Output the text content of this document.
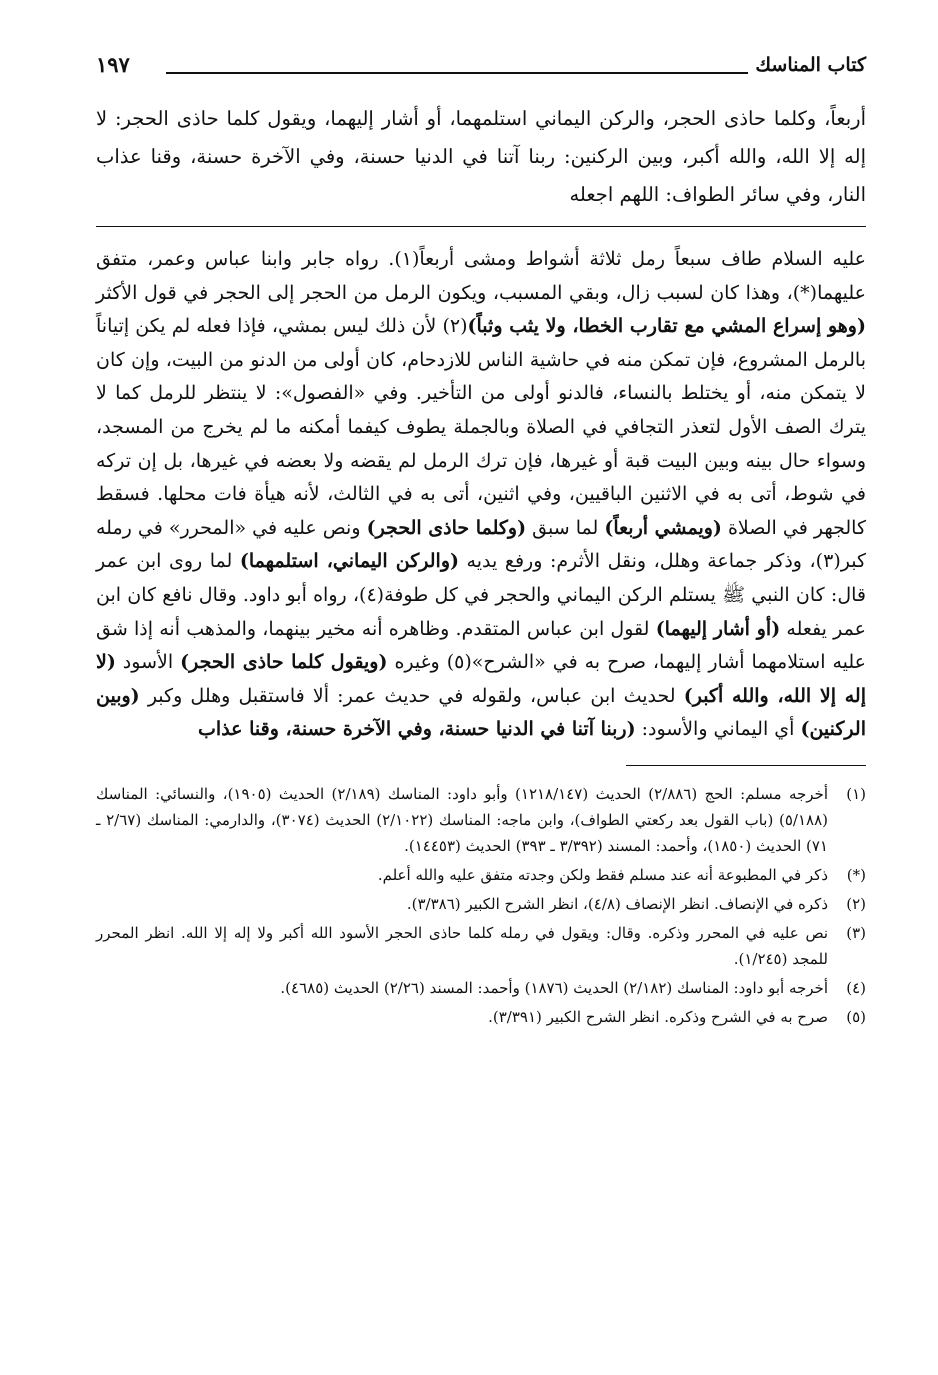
كتاب المناسك
١٩٧
أربعاً، وكلما حاذى الحجر، والركن اليماني استلمهما، أو أشار إليهما، ويقول كلما حاذى الحجر: لا إله إلا الله، والله أكبر، وبين الركنين: ربنا آتنا في الدنيا حسنة، وفي الآخرة حسنة، وقنا عذاب النار، وفي سائر الطواف: اللهم اجعله

عليه السلام طاف سبعاً رمل ثلاثة أشواط ومشى أربعاً(١). رواه جابر وابنا عباس وعمر، متفق عليهما(*)، وهذا كان لسبب زال، وبقي المسبب، ويكون الرمل من الحجر إلى الحجر في قول الأكثر (وهو إسراع المشي مع تقارب الخطا، ولا يثب وثباً)(٢) لأن ذلك ليس بمشي، فإذا فعله لم يكن إتياناً بالرمل المشروع، فإن تمكن منه في حاشية الناس للازدحام، كان أولى من الدنو من البيت، وإن كان لا يتمكن منه، أو يختلط بالنساء، فالدنو أولى من التأخير. وفي «الفصول»: لا ينتظر للرمل كما لا يترك الصف الأول لتعذر التجافي في الصلاة وبالجملة يطوف كيفما أمكنه ما لم يخرج من المسجد، وسواء حال بينه وبين البيت قبة أو غيرها، فإن ترك الرمل لم يقضه ولا بعضه في غيرها، بل إن تركه في شوط، أتى به في الاثنين الباقيين، وفي اثنين، أتى به في الثالث، لأنه هيأة فات محلها. فسقط كالجهر في الصلاة (ويمشي أربعاً) لما سبق (وكلما حاذى الحجر) ونص عليه في «المحرر» في رمله كبر(٣)، وذكر جماعة وهلل، ونقل الأثرم: ورفع يديه (والركن اليماني، استلمهما) لما روى ابن عمر قال: كان النبي ﷺ يستلم الركن اليماني والحجر في كل طوفة(٤)، رواه أبو داود. وقال نافع كان ابن عمر يفعله (أو أشار إليهما) لقول ابن عباس المتقدم. وظاهره أنه مخير بينهما، والمذهب أنه إذا شق عليه استلامهما أشار إليهما، صرح به في «الشرح»(٥) وغيره (ويقول كلما حاذى الحجر) الأسود (لا إله إلا الله، والله أكبر) لحديث ابن عباس، ولقوله في حديث عمر: ألا فاستقبل وهلل وكبر (وبين الركنين) أي اليماني والأسود: (ربنا آتنا في الدنيا حسنة، وفي الآخرة حسنة، وقنا عذاب

(١)
أخرجه مسلم: الحج (٢/٨٨٦) الحديث (١٢١٨/١٤٧) وأبو داود: المناسك (٢/١٨٩) الحديث (١٩٠٥)، والنسائي: المناسك (٥/١٨٨) (باب القول بعد ركعتي الطواف)، وابن ماجه: المناسك (٢/١٠٢٢) الحديث (٣٠٧٤)، والدارمي: المناسك (٢/٦٧ ـ ٧١) الحديث (١٨٥٠)، وأحمد: المسند (٣/٣٩٢ ـ ٣٩٣) الحديث (١٤٤٥٣).
(*)
ذكر في المطبوعة أنه عند مسلم فقط ولكن وجدته متفق عليه والله أعلم.
(٢)
ذكره في الإنصاف. انظر الإنصاف (٤/٨)، انظر الشرح الكبير (٣/٣٨٦).
(٣)
نص عليه في المحرر وذكره. وقال: ويقول في رمله كلما حاذى الحجر الأسود الله أكبر ولا إله إلا الله. انظر المحرر للمجد (١/٢٤٥).
(٤)
أخرجه أبو داود: المناسك (٢/١٨٢) الحديث (١٨٧٦) وأحمد: المسند (٢/٢٦) الحديث (٤٦٨٥).
(٥)
صرح به في الشرح وذكره. انظر الشرح الكبير (٣/٣٩١).
